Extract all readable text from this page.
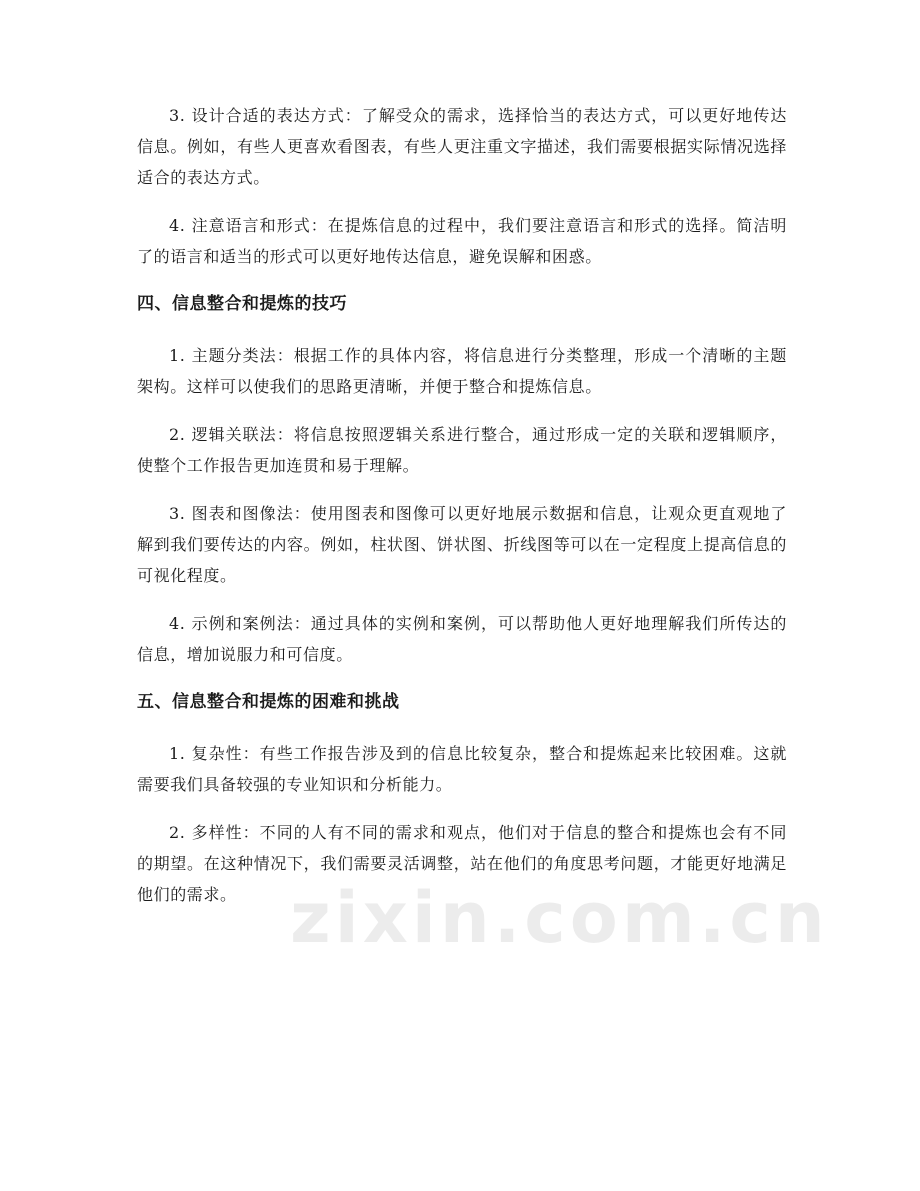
3. 设计合适的表达方式：了解受众的需求，选择恰当的表达方式，可以更好地传达信息。例如，有些人更喜欢看图表，有些人更注重文字描述，我们需要根据实际情况选择适合的表达方式。

4. 注意语言和形式：在提炼信息的过程中，我们要注意语言和形式的选择。简洁明了的语言和适当的形式可以更好地传达信息，避免误解和困惑。

四、信息整合和提炼的技巧

1. 主题分类法：根据工作的具体内容，将信息进行分类整理，形成一个清晰的主题架构。这样可以使我们的思路更清晰，并便于整合和提炼信息。

2. 逻辑关联法：将信息按照逻辑关系进行整合，通过形成一定的关联和逻辑顺序，使整个工作报告更加连贯和易于理解。

3. 图表和图像法：使用图表和图像可以更好地展示数据和信息，让观众更直观地了解到我们要传达的内容。例如，柱状图、饼状图、折线图等可以在一定程度上提高信息的可视化程度。

4. 示例和案例法：通过具体的实例和案例，可以帮助他人更好地理解我们所传达的信息，增加说服力和可信度。

五、信息整合和提炼的困难和挑战

1. 复杂性：有些工作报告涉及到的信息比较复杂，整合和提炼起来比较困难。这就需要我们具备较强的专业知识和分析能力。

2. 多样性：不同的人有不同的需求和观点，他们对于信息的整合和提炼也会有不同的期望。在这种情况下，我们需要灵活调整，站在他们的角度思考问题，才能更好地满足他们的需求。 zixin.com.cn
